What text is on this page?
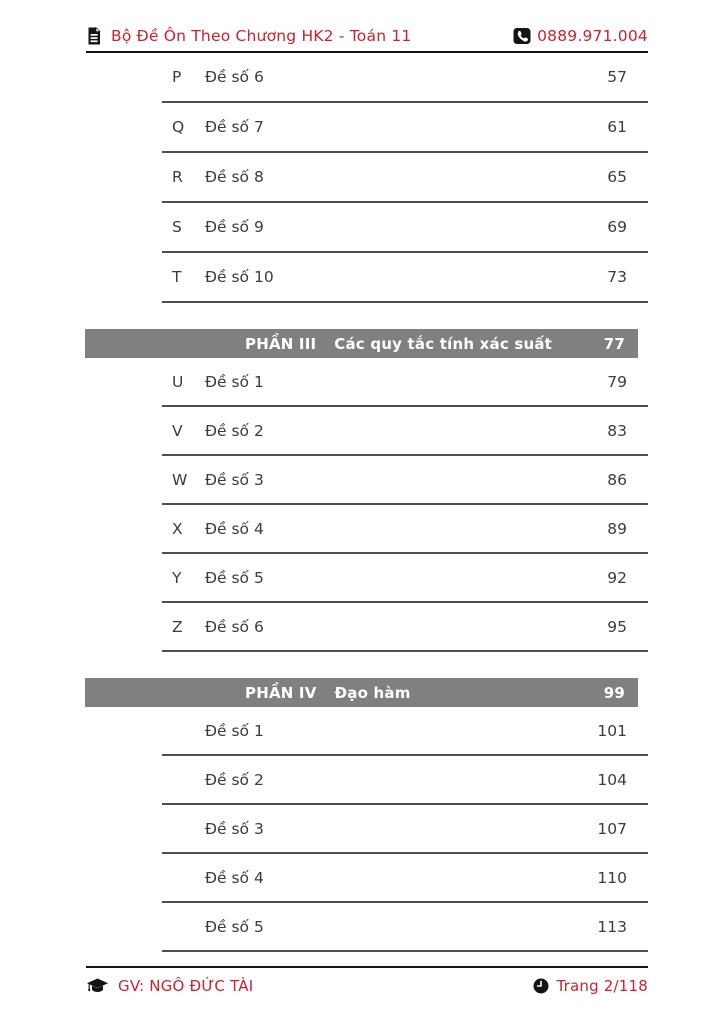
Bộ Đề Ôn Theo Chương HK2 - Toán 11	0889.971.004
P Đề số 6	57
Q Đề số 7	61
R Đề số 8	65
S Đề số 9	69
T Đề số 10	73
PHẦN III Các quy tắc tính xác suất	77
U Đề số 1	79
V Đề số 2	83
W Đề số 3	86
X Đề số 4	89
Y Đề số 5	92
Z Đề số 6	95
PHẦN IV Đạo hàm	99
Đề số 1	101
Đề số 2	104
Đề số 3	107
Đề số 4	110
Đề số 5	113
GV: NGÔ ĐỨC TÀI	Trang 2/118
